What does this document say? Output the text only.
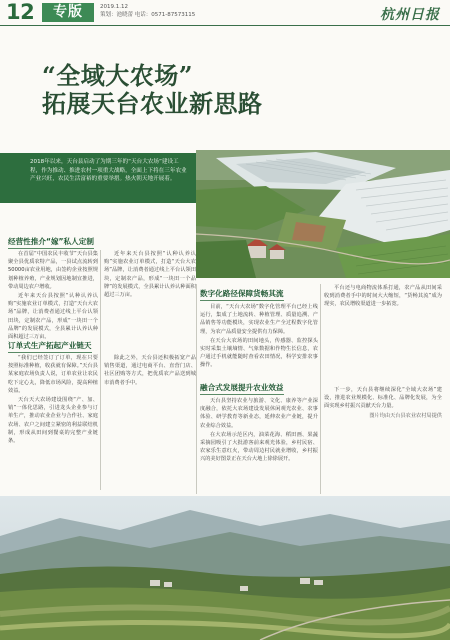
12	专版	2019.1.12
策划：池晓蕾 电话：0571-87573115	杭州日报
“全域大农场”
拓展天台农业新思路
2018年以来，天台县启动了为期三年的“天台大农场”建设工程，作为推动、推进农村一项重大战略，全面上下将在三年农业产业兴旺，农民生活富裕的重要举措。热火朝天地开展着。
经营性推介“嫁”私人定制

在首届“中国农民丰收节”天台县集聚全县优质农特产品，一县试点流转到50000亩农业用地，由签约企业按照规划种植养殖，产业规划因地制宜推进，带动周边农户增收。

近年来天台县按照“认种认养认购”实施农业订单模式，打造“天台大农场”品牌，让消费者通过线上平台认领田块，定制农产品，形成“一块田一个品牌”的发展模式，全县累计认养认种面积超过三万亩。

近年来天台县按照“认种认养认购”实施农业订单模式，打造“天台大农场”品牌，让消费者通过线上平台认领田块，定制农产品，形成“一块田一个品牌”的发展模式，全县累计认养认种面积超过三万亩。

订单式生产拓起产业链天

“我们已经签订了订单，现在只要按照标准种植，收获就有保障。”天台县某家庭农场负责人说，订单农业让农民吃下定心丸，降低市场风险，提高种植效益。

天台天大农场建设围绕“产、加、销”一体化思路，引进龙头企业参与订单生产，推动农业企业与合作社、家庭农场、农户之间建立紧密的利益联结机制，形成从田间到餐桌的完整产业链条。

除此之外，天台县还积极拓宽产品销售渠道，通过电商平台、直营门店、社区团购等方式，把优质农产品送到城市消费者手中。

数字化路径保障货畅其流

目前，“天台大农场”数字化管理平台已经上线运行，集成了土地流转、种植管理、质量追溯、产品销售等功能模块，实现农业生产全过程数字化管理，为农产品质量安全提供有力保障。

在天台大农场的田间地头，传感器、监控探头实时采集土壤墒情、气象数据和作物生长信息，农户通过手机就能随时查看农田情况，科学安排农事操作。

平台还与电商物流体系打通，农产品从田间采收到消费者手中的时间大大缩短，“货畅其流”成为现实，农民增收渠道进一步拓宽。

融合式发展提升农业效益

天台县坚持农业与旅游、文化、康养等产业深度融合，依托大农场建设发展休闲观光农业、农事体验、研学教育等新业态，延伸农业产业链，提升农业综合效益。

在大农场示范区内，油菜花海、稻田画、果蔬采摘园吸引了大批游客前来观光体验，乡村民宿、农家乐生意红火，带动周边村民就业增收，乡村振兴的美好图景正在天台大地上徐徐展开。

下一步，天台县将继续深化“全域大农场”建设，推进农业规模化、标准化、品牌化发展，为全面实现乡村振兴贡献天台力量。

图片均由天台县农业农村局提供
